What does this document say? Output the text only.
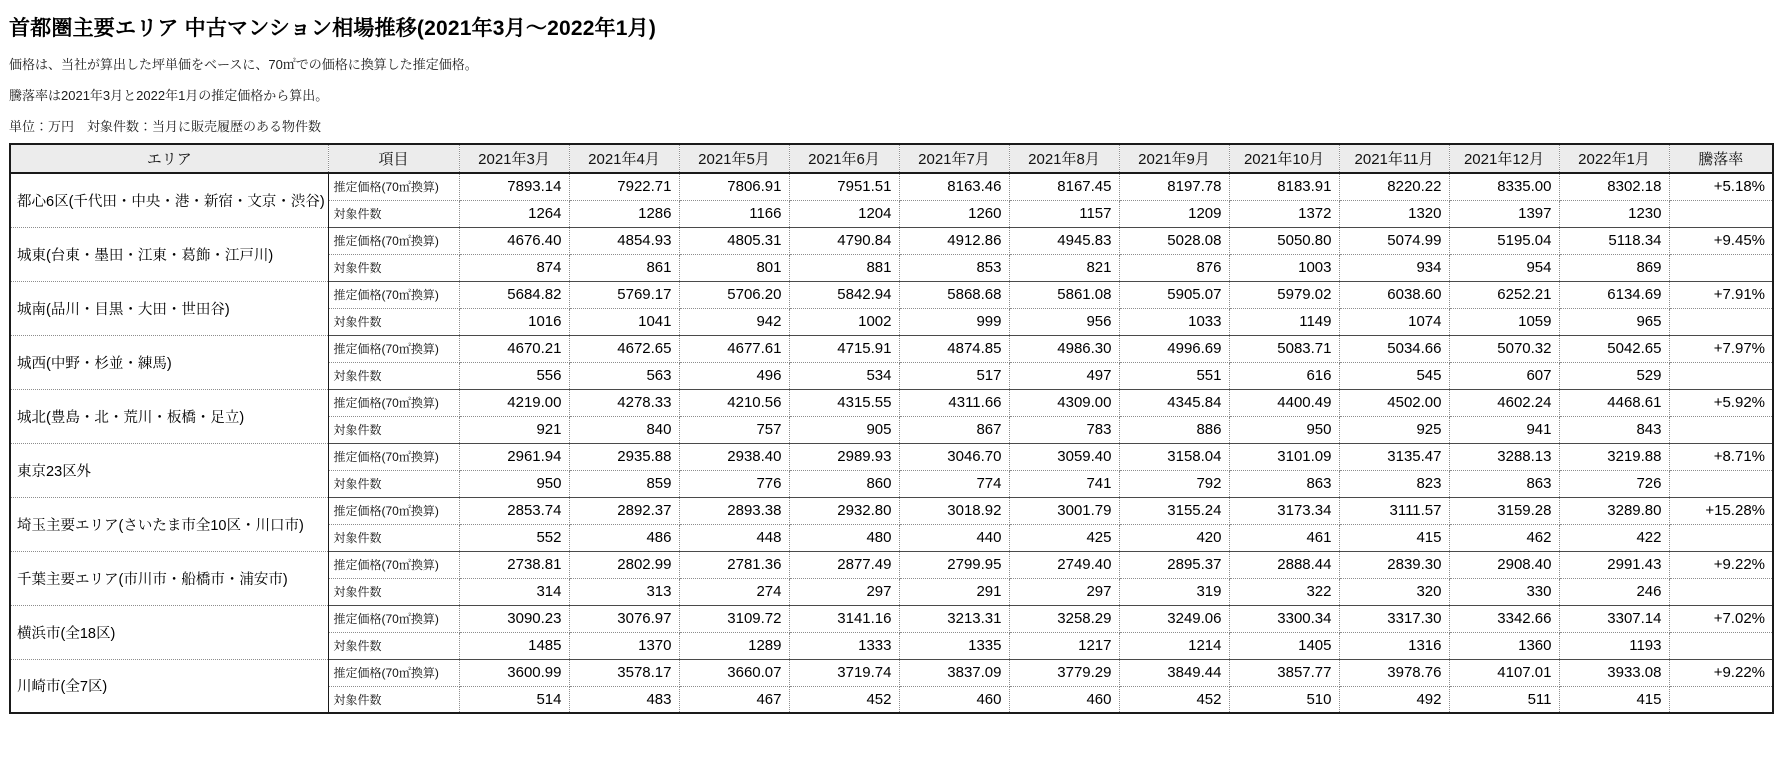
首都圏主要エリア 中古マンション相場推移(2021年3月～2022年1月)

価格は、当社が算出した坪単価をベースに、70㎡での価格に換算した推定価格。

騰落率は2021年3月と2022年1月の推定価格から算出。

単位：万円　対象件数：当月に販売履歴のある物件数

エリア	項目	2021年3月	2021年4月	2021年5月	2021年6月	2021年7月	2021年8月	2021年9月	2021年10月	2021年11月	2021年12月	2022年1月	騰落率
都心6区(千代田・中央・港・新宿・文京・渋谷)	推定価格(70㎡換算)	7893.14	7922.71	7806.91	7951.51	8163.46	8167.45	8197.78	8183.91	8220.22	8335.00	8302.18	+5.18%
	対象件数	1264	1286	1166	1204	1260	1157	1209	1372	1320	1397	1230	
城東(台東・墨田・江東・葛飾・江戸川)	推定価格(70㎡換算)	4676.40	4854.93	4805.31	4790.84	4912.86	4945.83	5028.08	5050.80	5074.99	5195.04	5118.34	+9.45%
	対象件数	874	861	801	881	853	821	876	1003	934	954	869	
城南(品川・目黒・大田・世田谷)	推定価格(70㎡換算)	5684.82	5769.17	5706.20	5842.94	5868.68	5861.08	5905.07	5979.02	6038.60	6252.21	6134.69	+7.91%
	対象件数	1016	1041	942	1002	999	956	1033	1149	1074	1059	965	
城西(中野・杉並・練馬)	推定価格(70㎡換算)	4670.21	4672.65	4677.61	4715.91	4874.85	4986.30	4996.69	5083.71	5034.66	5070.32	5042.65	+7.97%
	対象件数	556	563	496	534	517	497	551	616	545	607	529	
城北(豊島・北・荒川・板橋・足立)	推定価格(70㎡換算)	4219.00	4278.33	4210.56	4315.55	4311.66	4309.00	4345.84	4400.49	4502.00	4602.24	4468.61	+5.92%
	対象件数	921	840	757	905	867	783	886	950	925	941	843	
東京23区外	推定価格(70㎡換算)	2961.94	2935.88	2938.40	2989.93	3046.70	3059.40	3158.04	3101.09	3135.47	3288.13	3219.88	+8.71%
	対象件数	950	859	776	860	774	741	792	863	823	863	726	
埼玉主要エリア(さいたま市全10区・川口市)	推定価格(70㎡換算)	2853.74	2892.37	2893.38	2932.80	3018.92	3001.79	3155.24	3173.34	3111.57	3159.28	3289.80	+15.28%
	対象件数	552	486	448	480	440	425	420	461	415	462	422	
千葉主要エリア(市川市・船橋市・浦安市)	推定価格(70㎡換算)	2738.81	2802.99	2781.36	2877.49	2799.95	2749.40	2895.37	2888.44	2839.30	2908.40	2991.43	+9.22%
	対象件数	314	313	274	297	291	297	319	322	320	330	246	
横浜市(全18区)	推定価格(70㎡換算)	3090.23	3076.97	3109.72	3141.16	3213.31	3258.29	3249.06	3300.34	3317.30	3342.66	3307.14	+7.02%
	対象件数	1485	1370	1289	1333	1335	1217	1214	1405	1316	1360	1193	
川崎市(全7区)	推定価格(70㎡換算)	3600.99	3578.17	3660.07	3719.74	3837.09	3779.29	3849.44	3857.77	3978.76	4107.01	3933.08	+9.22%
	対象件数	514	483	467	452	460	460	452	510	492	511	415	
